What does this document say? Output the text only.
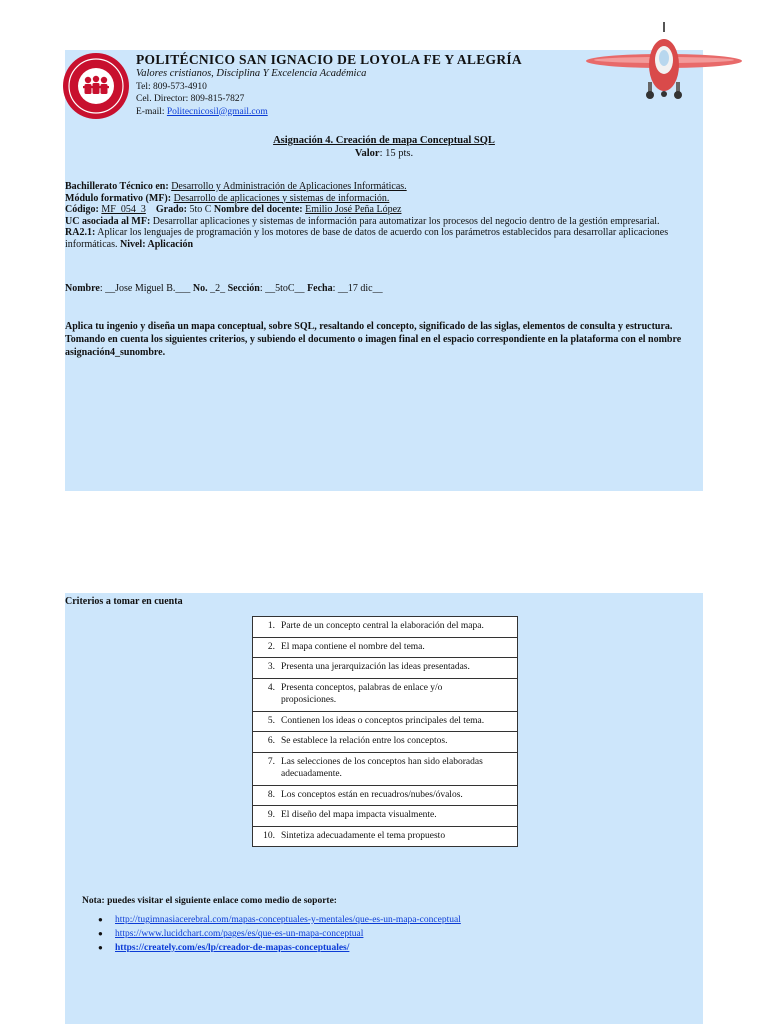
POLITÉCNICO SAN IGNACIO DE LOYOLA FE Y ALEGRÍA
Valores cristianos, Disciplina Y Excelencia Académica
Tel: 809-573-4910
Cel. Director: 809-815-7827
E-mail: Politecnicosil@gmail.com
Asignación 4. Creación de mapa Conceptual SQL
Valor: 15 pts.
Bachillerato Técnico en: Desarrollo y Administración de Aplicaciones Informáticas.
Módulo formativo (MF): Desarrollo de aplicaciones y sistemas de información.
Código: MF_054_3 Grado: 5to C Nombre del docente: Emilio José Peña López
UC asociada al MF: Desarrollar aplicaciones y sistemas de información para automatizar los procesos del negocio dentro de la gestión empresarial.
RA2.1: Aplicar los lenguajes de programación y los motores de base de datos de acuerdo con los parámetros establecidos para desarrollar aplicaciones informáticas. Nivel: Aplicación
Nombre: __Jose Miguel B.___ No. _2_ Sección: __5toC__ Fecha: __17 dic__
Aplica tu ingenio y diseña un mapa conceptual, sobre SQL, resaltando el concepto, significado de las siglas, elementos de consulta y estructura. Tomando en cuenta los siguientes criterios, y subiendo el documento o imagen final en el espacio correspondiente en la plataforma con el nombre asignación4_sunombre.
Criterios a tomar en cuenta
1. Parte de un concepto central la elaboración del mapa.
2. El mapa contiene el nombre del tema.
3. Presenta una jerarquización las ideas presentadas.
4. Presenta conceptos, palabras de enlace y/o proposiciones.
5. Contienen los ideas o conceptos principales del tema.
6. Se establece la relación entre los conceptos.
7. Las selecciones de los conceptos han sido elaboradas adecuadamente.
8. Los conceptos están en recuadros/nubes/óvalos.
9. El diseño del mapa impacta visualmente.
10. Sintetiza adecuadamente el tema propuesto
Nota: puedes visitar el siguiente enlace como medio de soporte:
● http://tugimnasiacerebral.com/mapas-conceptuales-y-mentales/que-es-un-mapa-conceptual
● https://www.lucidchart.com/pages/es/que-es-un-mapa-conceptual
● https://creately.com/es/lp/creador-de-mapas-conceptuales/
